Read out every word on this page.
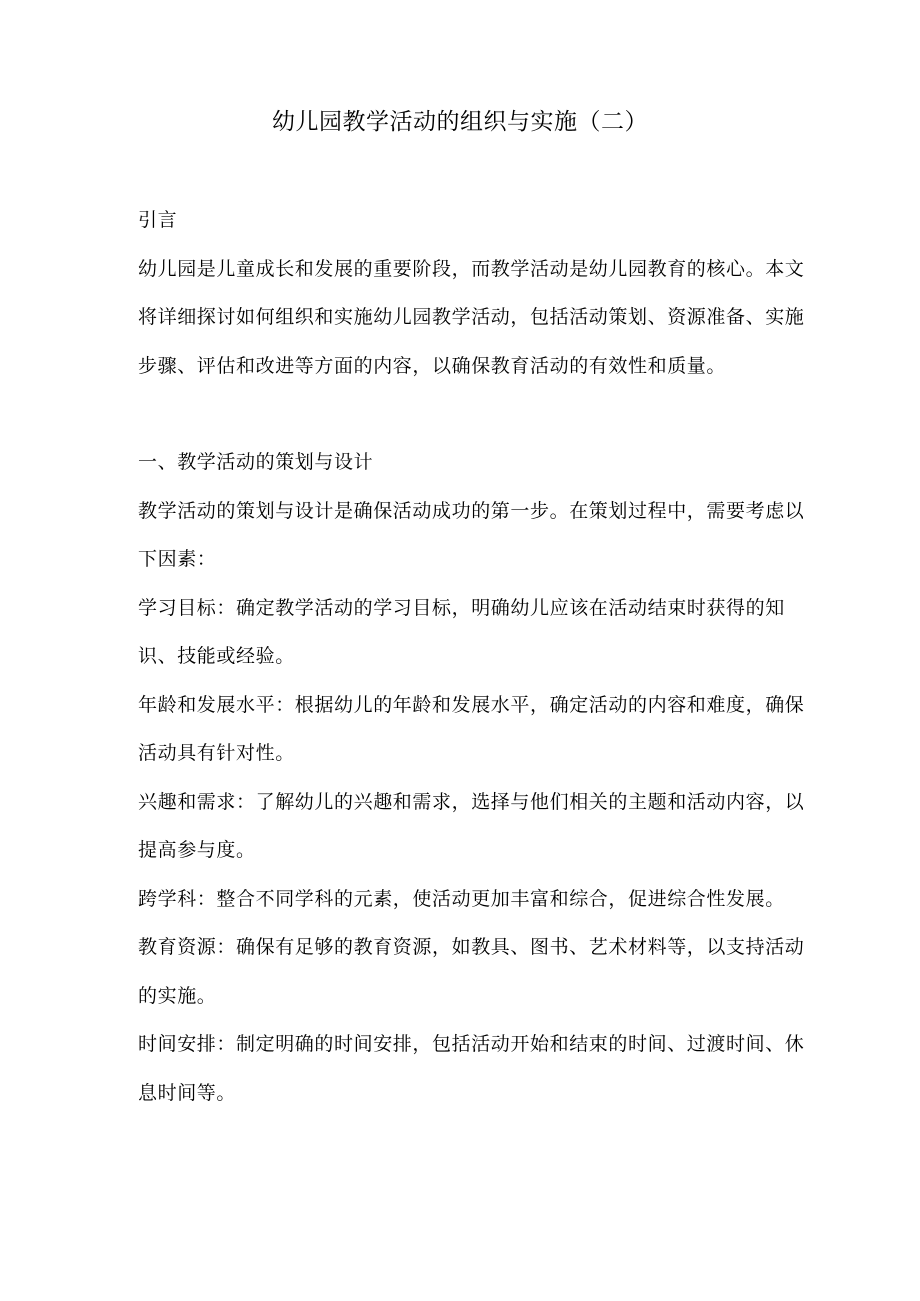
幼儿园教学活动的组织与实施（二）

引言

幼儿园是儿童成长和发展的重要阶段，而教学活动是幼儿园教育的核心。本文将详细探讨如何组织和实施幼儿园教学活动，包括活动策划、资源准备、实施步骤、评估和改进等方面的内容，以确保教育活动的有效性和质量。

一、教学活动的策划与设计

教学活动的策划与设计是确保活动成功的第一步。在策划过程中，需要考虑以下因素：

学习目标：确定教学活动的学习目标，明确幼儿应该在活动结束时获得的知识、技能或经验。

年龄和发展水平：根据幼儿的年龄和发展水平，确定活动的内容和难度，确保活动具有针对性。

兴趣和需求：了解幼儿的兴趣和需求，选择与他们相关的主题和活动内容，以提高参与度。

跨学科：整合不同学科的元素，使活动更加丰富和综合，促进综合性发展。

教育资源：确保有足够的教育资源，如教具、图书、艺术材料等，以支持活动的实施。

时间安排：制定明确的时间安排，包括活动开始和结束的时间、过渡时间、休息时间等。
